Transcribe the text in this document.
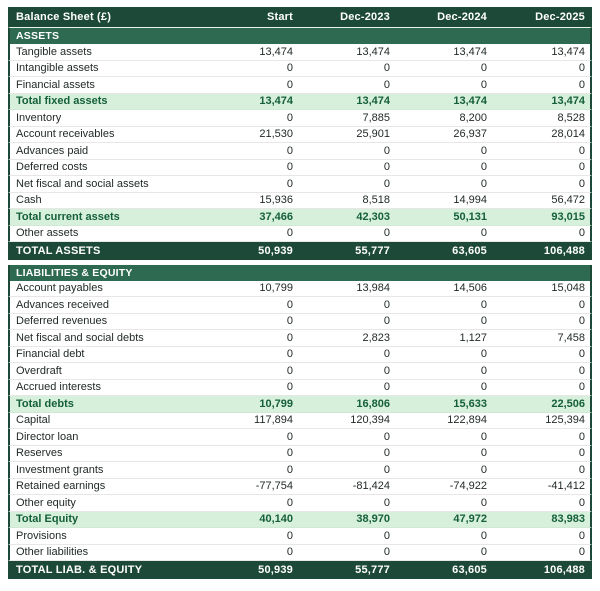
Balance Sheet (£)	Start	Dec-2023	Dec-2024	Dec-2025
ASSETS
Tangible assets	13,474	13,474	13,474	13,474
Intangible assets	0	0	0	0
Financial assets	0	0	0	0
Total fixed assets	13,474	13,474	13,474	13,474
Inventory	0	7,885	8,200	8,528
Account receivables	21,530	25,901	26,937	28,014
Advances paid	0	0	0	0
Deferred costs	0	0	0	0
Net fiscal and social assets	0	0	0	0
Cash	15,936	8,518	14,994	56,472
Total current assets	37,466	42,303	50,131	93,015
Other assets	0	0	0	0
TOTAL ASSETS	50,939	55,777	63,605	106,488
LIABILITIES & EQUITY
Account payables	10,799	13,984	14,506	15,048
Advances received	0	0	0	0
Deferred revenues	0	0	0	0
Net fiscal and social debts	0	2,823	1,127	7,458
Financial debt	0	0	0	0
Overdraft	0	0	0	0
Accrued interests	0	0	0	0
Total debts	10,799	16,806	15,633	22,506
Capital	117,894	120,394	122,894	125,394
Director loan	0	0	0	0
Reserves	0	0	0	0
Investment grants	0	0	0	0
Retained earnings	-77,754	-81,424	-74,922	-41,412
Other equity	0	0	0	0
Total Equity	40,140	38,970	47,972	83,983
Provisions	0	0	0	0
Other liabilities	0	0	0	0
TOTAL LIAB. & EQUITY	50,939	55,777	63,605	106,488
